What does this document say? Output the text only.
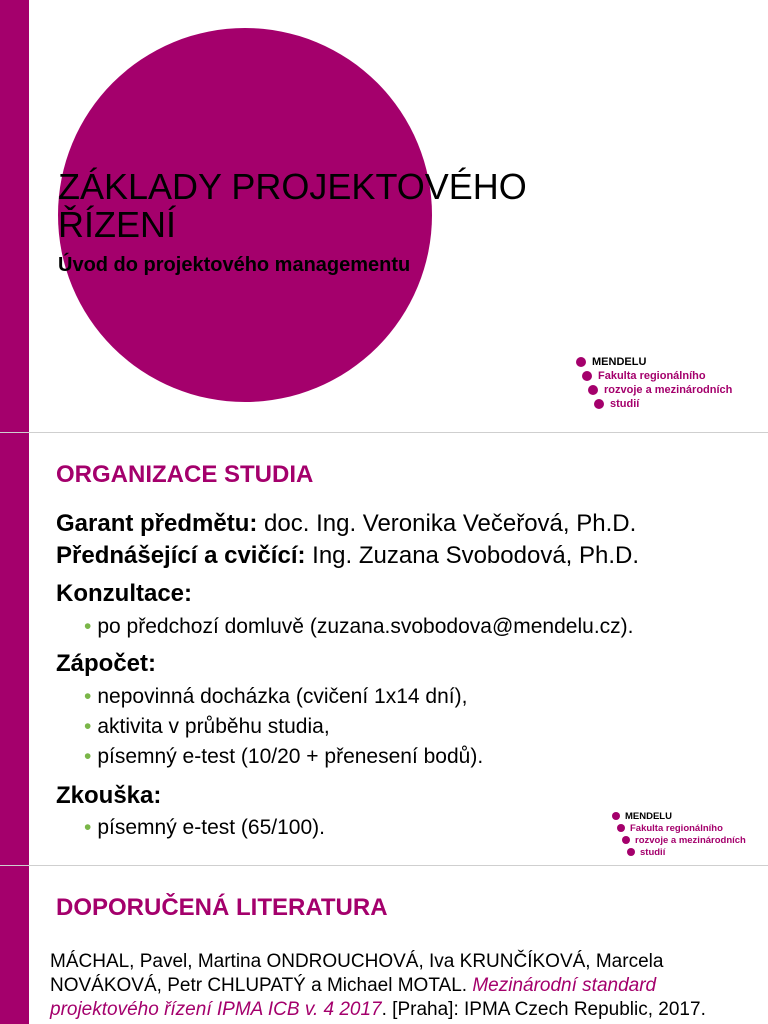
ZÁKLADY PROJEKTOVÉHO
ŘÍZENÍ
Úvod do projektového managementu
MENDELU
Fakulta regionálního
rozvoje a mezinárodních
studií
ORGANIZACE STUDIA
Garant předmětu: doc. Ing. Veronika Večeřová, Ph.D.
Přednášející a cvičící: Ing. Zuzana Svobodová, Ph.D.
Konzultace:
• po předchozí domluvě (zuzana.svobodova@mendelu.cz).
Zápočet:
• nepovinná docházka (cvičení 1x14 dní),
• aktivita v průběhu studia,
• písemný e-test (10/20 + přenesení bodů).
Zkouška:
• písemný e-test (65/100).	MENDELU
Fakulta regionálního
rozvoje a mezinárodních
studií
DOPORUČENÁ LITERATURA
MÁCHAL, Pavel, Martina ONDROUCHOVÁ, Iva KRUNČÍKOVÁ, Marcela NOVÁKOVÁ, Petr CHLUPATÝ a Michael MOTAL. Mezinárodní standard projektového řízení IPMA ICB v. 4 2017. [Praha]: IPMA Czech Republic, 2017.
